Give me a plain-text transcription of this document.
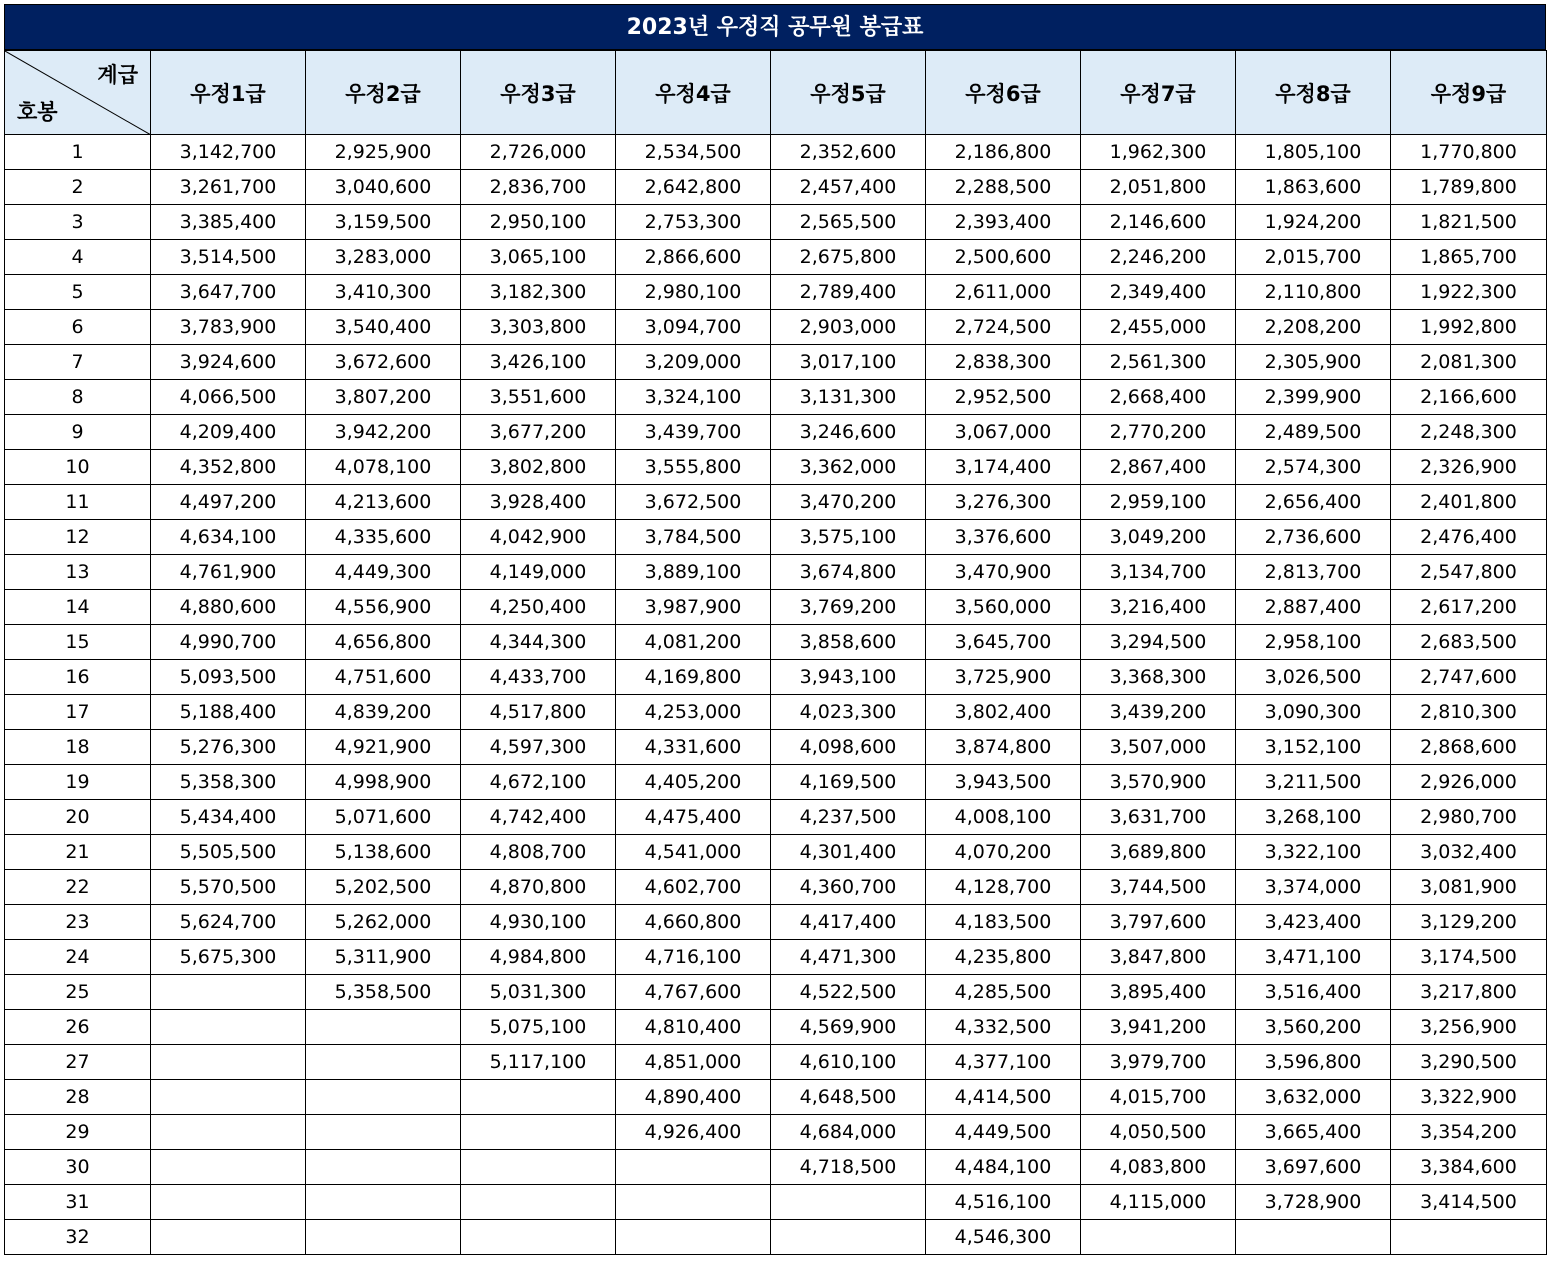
2023년 우정직 공무원 봉급표
계급
호봉	우정1급	우정2급	우정3급	우정4급	우정5급	우정6급	우정7급	우정8급	우정9급
1	3,142,700	2,925,900	2,726,000	2,534,500	2,352,600	2,186,800	1,962,300	1,805,100	1,770,800
2	3,261,700	3,040,600	2,836,700	2,642,800	2,457,400	2,288,500	2,051,800	1,863,600	1,789,800
3	3,385,400	3,159,500	2,950,100	2,753,300	2,565,500	2,393,400	2,146,600	1,924,200	1,821,500
4	3,514,500	3,283,000	3,065,100	2,866,600	2,675,800	2,500,600	2,246,200	2,015,700	1,865,700
5	3,647,700	3,410,300	3,182,300	2,980,100	2,789,400	2,611,000	2,349,400	2,110,800	1,922,300
6	3,783,900	3,540,400	3,303,800	3,094,700	2,903,000	2,724,500	2,455,000	2,208,200	1,992,800
7	3,924,600	3,672,600	3,426,100	3,209,000	3,017,100	2,838,300	2,561,300	2,305,900	2,081,300
8	4,066,500	3,807,200	3,551,600	3,324,100	3,131,300	2,952,500	2,668,400	2,399,900	2,166,600
9	4,209,400	3,942,200	3,677,200	3,439,700	3,246,600	3,067,000	2,770,200	2,489,500	2,248,300
10	4,352,800	4,078,100	3,802,800	3,555,800	3,362,000	3,174,400	2,867,400	2,574,300	2,326,900
11	4,497,200	4,213,600	3,928,400	3,672,500	3,470,200	3,276,300	2,959,100	2,656,400	2,401,800
12	4,634,100	4,335,600	4,042,900	3,784,500	3,575,100	3,376,600	3,049,200	2,736,600	2,476,400
13	4,761,900	4,449,300	4,149,000	3,889,100	3,674,800	3,470,900	3,134,700	2,813,700	2,547,800
14	4,880,600	4,556,900	4,250,400	3,987,900	3,769,200	3,560,000	3,216,400	2,887,400	2,617,200
15	4,990,700	4,656,800	4,344,300	4,081,200	3,858,600	3,645,700	3,294,500	2,958,100	2,683,500
16	5,093,500	4,751,600	4,433,700	4,169,800	3,943,100	3,725,900	3,368,300	3,026,500	2,747,600
17	5,188,400	4,839,200	4,517,800	4,253,000	4,023,300	3,802,400	3,439,200	3,090,300	2,810,300
18	5,276,300	4,921,900	4,597,300	4,331,600	4,098,600	3,874,800	3,507,000	3,152,100	2,868,600
19	5,358,300	4,998,900	4,672,100	4,405,200	4,169,500	3,943,500	3,570,900	3,211,500	2,926,000
20	5,434,400	5,071,600	4,742,400	4,475,400	4,237,500	4,008,100	3,631,700	3,268,100	2,980,700
21	5,505,500	5,138,600	4,808,700	4,541,000	4,301,400	4,070,200	3,689,800	3,322,100	3,032,400
22	5,570,500	5,202,500	4,870,800	4,602,700	4,360,700	4,128,700	3,744,500	3,374,000	3,081,900
23	5,624,700	5,262,000	4,930,100	4,660,800	4,417,400	4,183,500	3,797,600	3,423,400	3,129,200
24	5,675,300	5,311,900	4,984,800	4,716,100	4,471,300	4,235,800	3,847,800	3,471,100	3,174,500
25		5,358,500	5,031,300	4,767,600	4,522,500	4,285,500	3,895,400	3,516,400	3,217,800
26			5,075,100	4,810,400	4,569,900	4,332,500	3,941,200	3,560,200	3,256,900
27			5,117,100	4,851,000	4,610,100	4,377,100	3,979,700	3,596,800	3,290,500
28				4,890,400	4,648,500	4,414,500	4,015,700	3,632,000	3,322,900
29				4,926,400	4,684,000	4,449,500	4,050,500	3,665,400	3,354,200
30					4,718,500	4,484,100	4,083,800	3,697,600	3,384,600
31						4,516,100	4,115,000	3,728,900	3,414,500
32						4,546,300			
